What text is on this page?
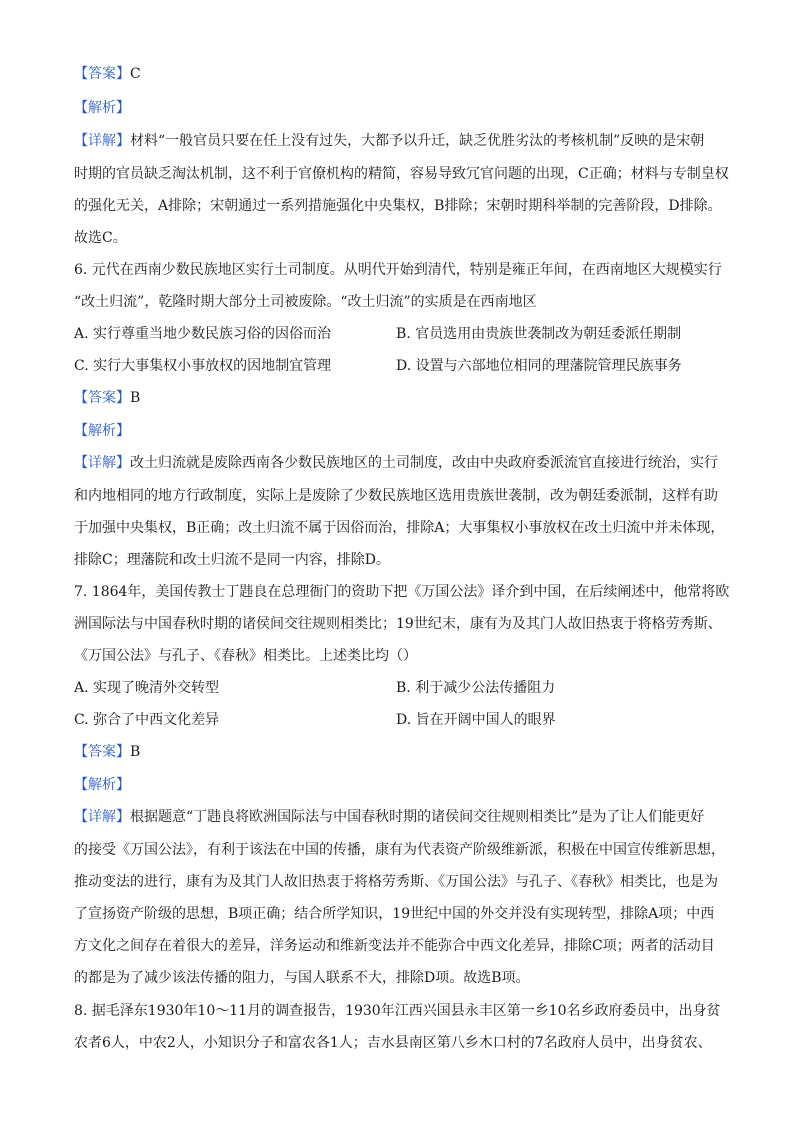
【答案】C
【解析】
【详解】材料“一般官员只要在任上没有过失，大都予以升迁，缺乏优胜劣汰的考核机制”反映的是宋朝
时期的官员缺乏淘汰机制，这不利于官僚机构的精简，容易导致冗官问题的出现，C正确；材料与专制皇权
的强化无关，A排除；宋朝通过一系列措施强化中央集权，B排除；宋朝时期科举制的完善阶段，D排除。
故选C。
6. 元代在西南少数民族地区实行土司制度。从明代开始到清代，特别是雍正年间，在西南地区大规模实行
“改土归流”，乾隆时期大部分土司被废除。“改土归流”的实质是在西南地区
A. 实行尊重当地少数民族习俗的因俗而治	B. 官员选用由贵族世袭制改为朝廷委派任期制
C. 实行大事集权小事放权的因地制宜管理	D. 设置与六部地位相同的理藩院管理民族事务
【答案】B
【解析】
【详解】改土归流就是废除西南各少数民族地区的土司制度，改由中央政府委派流官直接进行统治，实行
和内地相同的地方行政制度，实际上是废除了少数民族地区选用贵族世袭制，改为朝廷委派制，这样有助
于加强中央集权，B正确；改土归流不属于因俗而治，排除A；大事集权小事放权在改土归流中并未体现，
排除C；理藩院和改土归流不是同一内容，排除D。
7. 1864年，美国传教士丁韪良在总理衙门的资助下把《万国公法》译介到中国，在后续阐述中，他常将欧
洲国际法与中国春秋时期的诸侯间交往规则相类比；19世纪末，康有为及其门人故旧热衷于将格劳秀斯、
《万国公法》与孔子、《春秋》相类比。上述类比均（）
A. 实现了晚清外交转型	B. 利于减少公法传播阻力
C. 弥合了中西文化差异	D. 旨在开阔中国人的眼界
【答案】B
【解析】
【详解】根据题意“丁韪良将欧洲国际法与中国春秋时期的诸侯间交往规则相类比”是为了让人们能更好
的接受《万国公法》，有利于该法在中国的传播，康有为代表资产阶级维新派，积极在中国宣传维新思想，
推动变法的进行，康有为及其门人故旧热衷于将格劳秀斯、《万国公法》与孔子、《春秋》相类比，也是为
了宣扬资产阶级的思想，B项正确；结合所学知识，19世纪中国的外交并没有实现转型，排除A项；中西
方文化之间存在着很大的差异，洋务运动和维新变法并不能弥合中西文化差异，排除C项；两者的活动目
的都是为了减少该法传播的阻力，与国人联系不大，排除D项。故选B项。
8. 据毛泽东1930年10～11月的调查报告，1930年江西兴国县永丰区第一乡10名乡政府委员中，出身贫
农者6人，中农2人，小知识分子和富农各1人；吉水县南区第八乡木口村的7名政府人员中，出身贫农、
